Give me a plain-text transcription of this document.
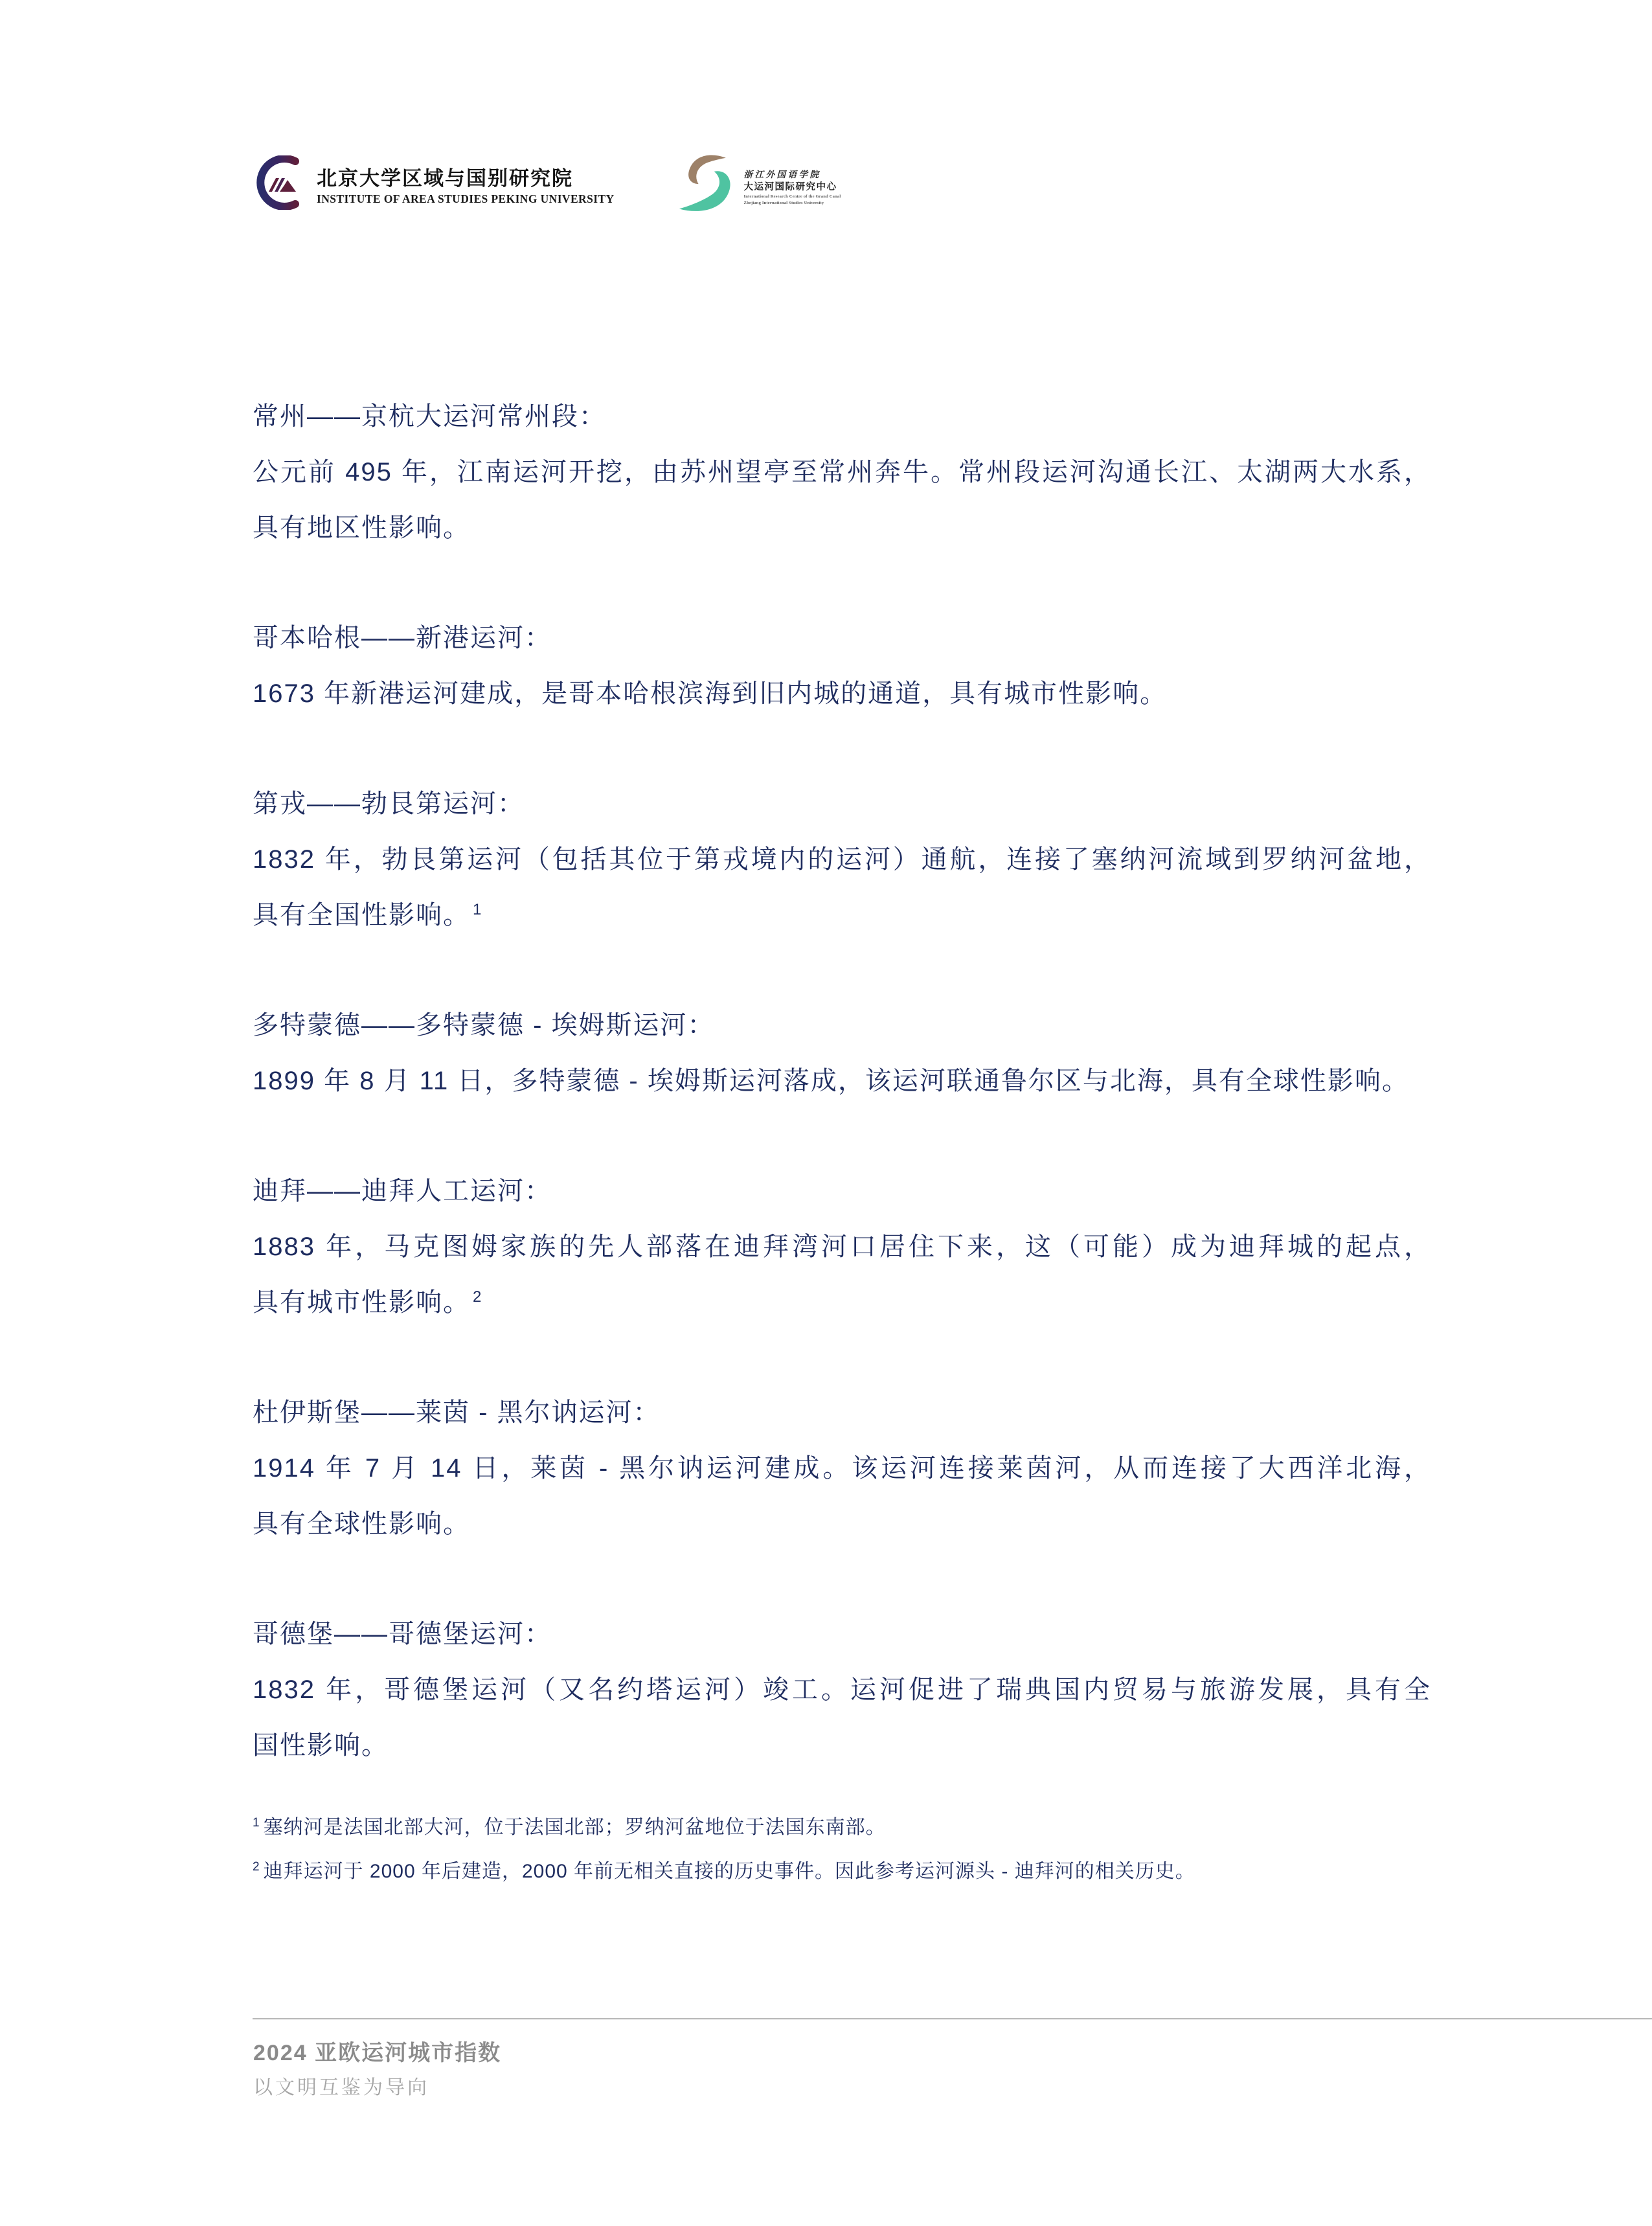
北京大学区域与国别研究院
INSTITUTE OF AREA STUDIES PEKING UNIVERSITY
浙江外国语学院
大运河国际研究中心
International Research Centre of the Grand Canal
Zhejiang International Studies University
常州——京杭大运河常州段：
公元前 495 年，江南运河开挖，由苏州望亭至常州奔牛。常州段运河沟通长江、太湖两大水系，
具有地区性影响。
哥本哈根——新港运河：
1673 年新港运河建成，是哥本哈根滨海到旧内城的通道，具有城市性影响。
第戎——勃艮第运河：
1832 年，勃艮第运河（包括其位于第戎境内的运河）通航，连接了塞纳河流域到罗纳河盆地，
具有全国性影响。 $^1$
多特蒙德——多特蒙德 - 埃姆斯运河：
1899 年 8 月 11 日，多特蒙德 - 埃姆斯运河落成，该运河联通鲁尔区与北海，具有全球性影响。
迪拜——迪拜人工运河：
1883 年，马克图姆家族的先人部落在迪拜湾河口居住下来，这（可能）成为迪拜城的起点，
具有城市性影响。 $^2$
杜伊斯堡——莱茵 - 黑尔讷运河：
1914 年 7 月 14 日，莱茵 - 黑尔讷运河建成。该运河连接莱茵河，从而连接了大西洋北海，
具有全球性影响。
哥德堡——哥德堡运河：
1832 年，哥德堡运河（又名约塔运河）竣工。运河促进了瑞典国内贸易与旅游发展，具有全
国性影响。
$^1$ 塞纳河是法国北部大河，位于法国北部；罗纳河盆地位于法国东南部。
$^2$ 迪拜运河于 2000 年后建造，2000 年前无相关直接的历史事件。因此参考运河源头 - 迪拜河的相关历史。
2024 亚欧运河城市指数
以文明互鉴为导向
